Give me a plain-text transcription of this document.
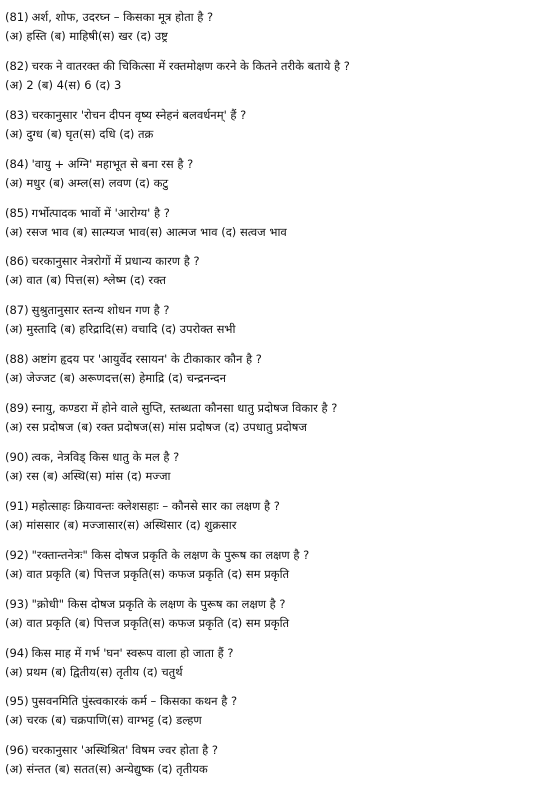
(81) अर्श, शोफ, उदरघ्न – किसका मूत्र होता है ?
(अ) हस्ति (ब) माहिषी(स) खर (द) उष्ट्र
(82) चरक ने वातरक्त की चिकित्सा में रक्तमोक्षण करने के कितने तरीके बताये है ?
(अ) 2 (ब) 4(स) 6 (द) 3
(83) चरकानुसार 'रोचन दीपन वृष्य स्नेहनं बलवर्धनम्' हैं ?
(अ) दुग्ध (ब) घृत(स) दधि (द) तक्र
(84) 'वायु + अग्नि' महाभूत से बना रस है ?
(अ) मधुर (ब) अम्ल(स) लवण (द) कटु
(85) गर्भोत्पादक भावों में 'आरोग्य' है ?
(अ) रसज भाव (ब) सात्म्यज भाव(स) आत्मज भाव (द) सत्वज भाव
(86) चरकानुसार नेत्ररोगों में प्रधान्य कारण है ?
(अ) वात (ब) पित्त(स) श्लेष्म (द) रक्त
(87) सुश्रुतानुसार स्तन्य शोधन गण है ?
(अ) मुस्तादि (ब) हरिद्रादि(स) वचादि (द) उपरोक्त सभी
(88) अष्टांग हृदय पर 'आयुर्वेद रसायन' के टीकाकार कौन है ?
(अ) जेज्जट (ब) अरूणदत्त(स) हेमाद्रि (द) चन्द्रनन्दन
(89) स्नायु, कण्डरा में होने वाले सुप्ति, स्तब्धता कौनसा धातु प्रदोषज विकार है ?
(अ) रस प्रदोषज (ब) रक्त प्रदोषज(स) मांस प्रदोषज (द) उपधातु प्रदोषज
(90) त्वक, नेत्रविड् किस धातु के मल है ?
(अ) रस (ब) अस्थि(स) मांस (द) मज्जा
(91) महोत्साहः क्रियावन्तः क्लेशसहाः – कौनसे सार का लक्षण है ?
(अ) मांससार (ब) मज्जासार(स) अस्थिसार (द) शुक्रसार
(92) "रक्तान्तनेत्रः" किस दोषज प्रकृति के लक्षण के पुरूष का लक्षण है ?
(अ) वात प्रकृति (ब) पित्तज प्रकृति(स) कफज प्रकृति (द) सम प्रकृति
(93) "क्रोधी" किस दोषज प्रकृति के लक्षण के पुरूष का लक्षण है ?
(अ) वात प्रकृति (ब) पित्तज प्रकृति(स) कफज प्रकृति (द) सम प्रकृति
(94) किस माह में गर्भ 'घन' स्वरूप वाला हो जाता हैं ?
(अ) प्रथम (ब) द्वितीय(स) तृतीय (द) चतुर्थ
(95) पुसवनमिति पुंस्त्वकारकं कर्म – किसका कथन है ?
(अ) चरक (ब) चक्रपाणि(स) वाग्भट्ट (द) डल्हण
(96) चरकानुसार 'अस्थिश्रित' विषम ज्वर होता है ?
(अ) संन्तत (ब) सतत(स) अन्येद्युष्क (द) तृतीयक
